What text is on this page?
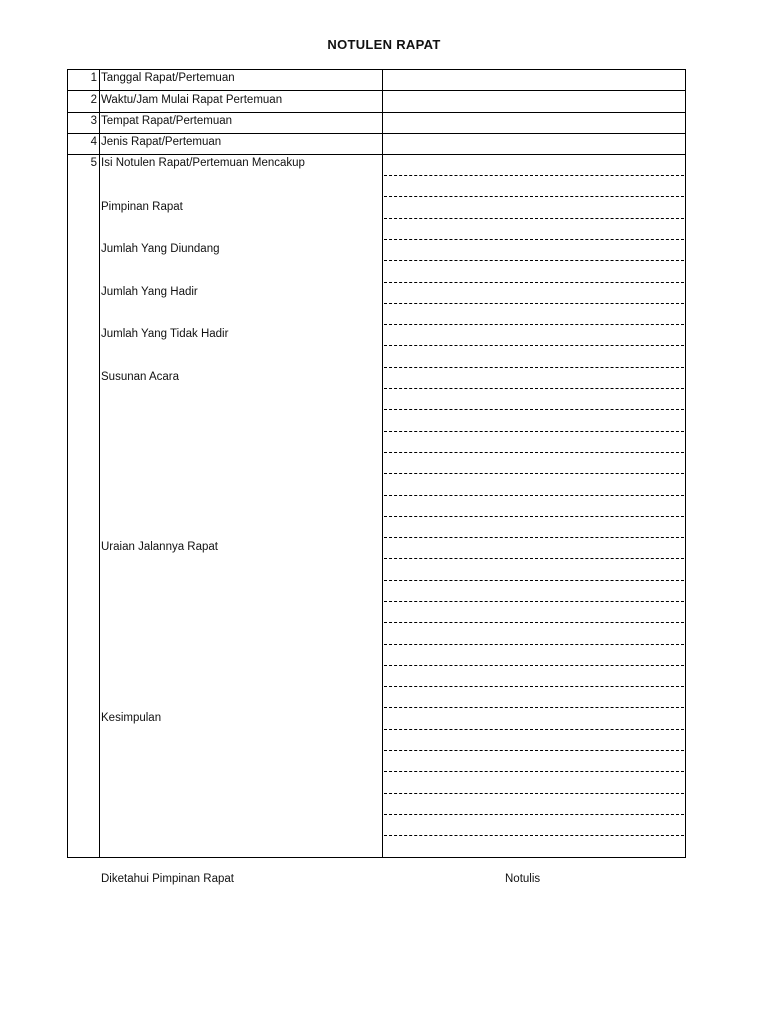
NOTULEN RAPAT
1
2
3
4
5
Tanggal Rapat/Pertemuan
Waktu/Jam Mulai Rapat Pertemuan
Tempat Rapat/Pertemuan
Jenis Rapat/Pertemuan
Isi Notulen Rapat/Pertemuan Mencakup
Pimpinan Rapat
Jumlah Yang Diundang
Jumlah Yang Hadir
Jumlah Yang Tidak Hadir
Susunan Acara
Uraian Jalannya Rapat
Kesimpulan
Diketahui Pimpinan Rapat	Notulis
